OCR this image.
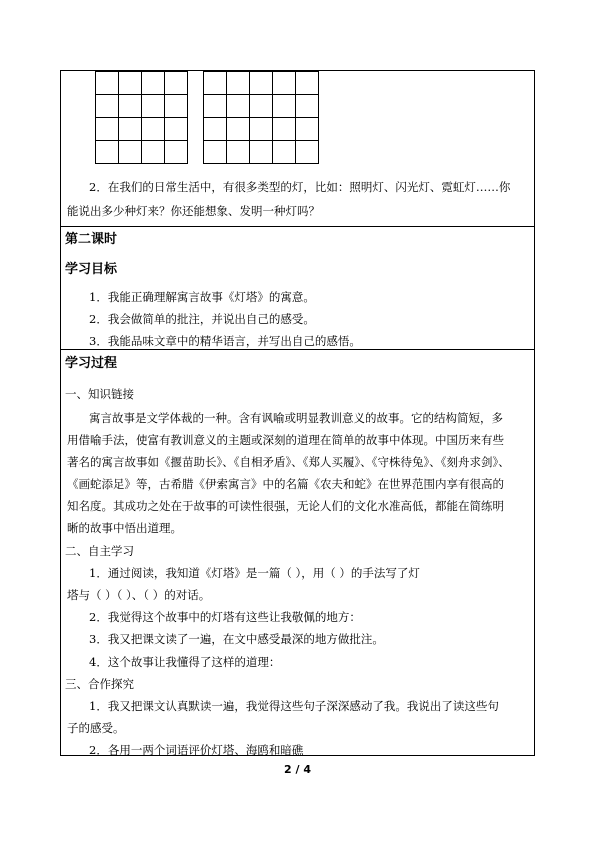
2．在我们的日常生活中，有很多类型的灯，比如：照明灯、闪光灯、霓虹灯……你
能说出多少种灯来？你还能想象、发明一种灯吗？
第二课时
学习目标
1．我能正确理解寓言故事《灯塔》的寓意。
2．我会做简单的批注，并说出自己的感受。
3．我能品味文章中的精华语言，并写出自己的感悟。
学习过程
一、知识链接
寓言故事是文学体裁的一种。含有讽喻或明显教训意义的故事。它的结构简短，多
用借喻手法，使富有教训意义的主题或深刻的道理在简单的故事中体现。中国历来有些
著名的寓言故事如《揠苗助长》、《自相矛盾》、《郑人买履》、《守株待兔》、《刻舟求剑》、
《画蛇添足》等，古希腊《伊索寓言》中的名篇《农夫和蛇》在世界范围内享有很高的
知名度。其成功之处在于故事的可读性很强，无论人们的文化水准高低，都能在简练明
晰的故事中悟出道理。
二、自主学习
1．通过阅读，我知道《灯塔》是一篇（ ），用（ ）的手法写了灯
塔与（ ）（ ）、（ ）的对话。
2．我觉得这个故事中的灯塔有这些让我敬佩的地方：
3．我又把课文读了一遍，在文中感受最深的地方做批注。
4．这个故事让我懂得了这样的道理：
三、合作探究
1．我又把课文认真默读一遍，我觉得这些句子深深感动了我。我说出了读这些句
子的感受。
2．各用一两个词语评价灯塔、海鸥和暗礁
2 / 4
